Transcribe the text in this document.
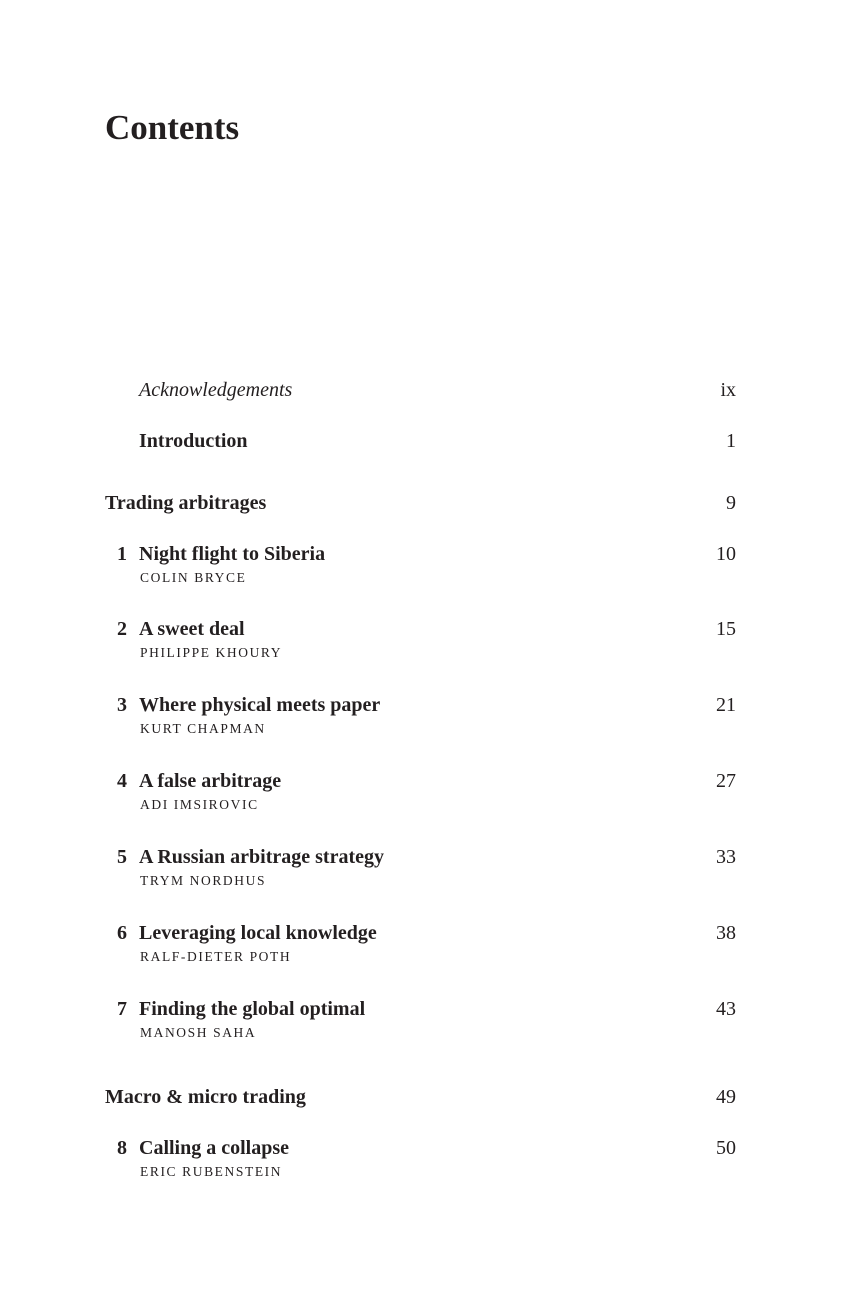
Contents
Acknowledgements	ix
Introduction	1
Trading arbitrages	9
1 Night flight to Siberia	10
COLIN BRYCE
2 A sweet deal	15
PHILIPPE KHOURY
3 Where physical meets paper	21
KURT CHAPMAN
4 A false arbitrage	27
ADI IMSIROVIC
5 A Russian arbitrage strategy	33
TRYM NORDHUS
6 Leveraging local knowledge	38
RALF-DIETER POTH
7 Finding the global optimal	43
MANOSH SAHA
Macro & micro trading	49
8 Calling a collapse	50
ERIC RUBENSTEIN
